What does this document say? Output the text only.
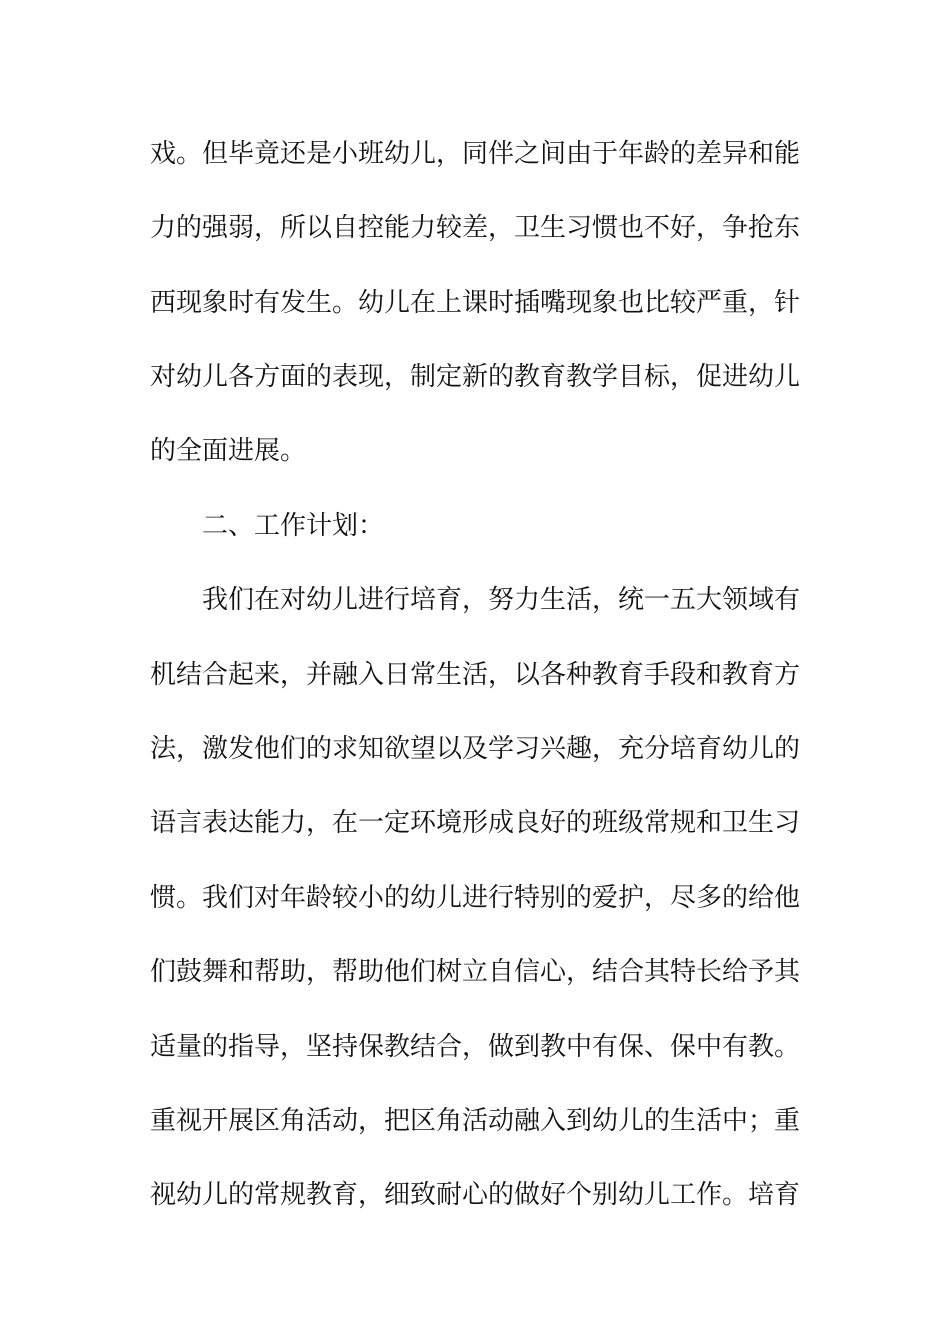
戏。但毕竟还是小班幼儿，同伴之间由于年龄的差异和能
力的强弱，所以自控能力较差，卫生习惯也不好，争抢东
西现象时有发生。幼儿在上课时插嘴现象也比较严重，针
对幼儿各方面的表现，制定新的教育教学目标，促进幼儿
的全面进展。
二、工作计划：
我们在对幼儿进行培育，努力生活，统一五大领域有
机结合起来，并融入日常生活，以各种教育手段和教育方
法，激发他们的求知欲望以及学习兴趣，充分培育幼儿的
语言表达能力，在一定环境形成良好的班级常规和卫生习
惯。我们对年龄较小的幼儿进行特别的爱护，尽多的给他
们鼓舞和帮助，帮助他们树立自信心，结合其特长给予其
适量的指导，坚持保教结合，做到教中有保、保中有教。
重视开展区角活动，把区角活动融入到幼儿的生活中；重
视幼儿的常规教育，细致耐心的做好个别幼儿工作。培育
